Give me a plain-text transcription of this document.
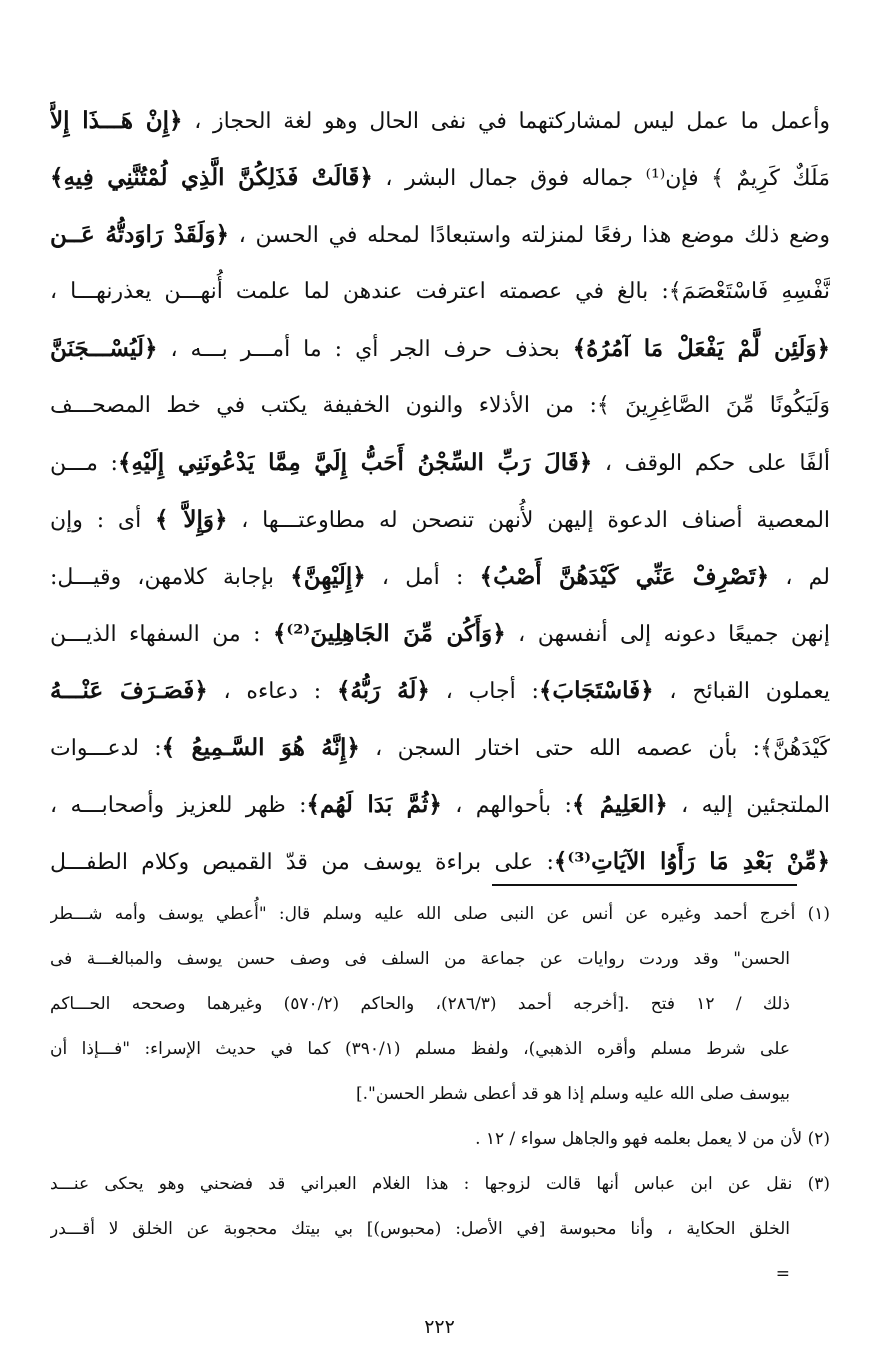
وأعمل ما عمل ليس لمشاركتهما في نفى الحال وهو لغة الحجاز ، ﴿إِنْ هَـــذَا إِلاَّ
مَلَكٌ كَرِيمٌ ﴾ فإن⁽¹⁾ جماله فوق جمال البشر ، ﴿قَالَتْ فَذَلِكُنَّ الَّذِي لُمْتُنَّنِي فِيهِ﴾
وضع ذلك موضع هذا رفعًا لمنزلته واستبعادًا لمحله في الحسن ، ﴿وَلَقَدْ رَاوَدتُّهُ عَــن
نَّفْسِهِ فَاسْتَعْصَمَ﴾: بالغ في عصمته اعترفت عندهن لما علمت أُنهـــن يعذرنهـــا ،
﴿وَلَئِن لَّمْ يَفْعَلْ مَا آمُرُهُ﴾ بحذف حرف الجر أي : ما أمـــر بـــه ، ﴿لَيُسْـــجَنَنَّ
وَلَيَكُونًا مِّنَ الصَّاغِرِينَ ﴾: من الأذلاء والنون الخفيفة يكتب في خط المصحـــف
ألفًا على حكم الوقف ، ﴿قَالَ رَبِّ السِّجْنُ أَحَبُّ إِلَيَّ مِمَّا يَدْعُونَنِي إِلَيْهِ﴾: مـــن
المعصية أصناف الدعوة إليهن لأُنهن تنصحن له مطاوعتـــها ، ﴿وَإِلاَّ ﴾ أى : وإن
لم ، ﴿تَصْرِفْ عَنِّي كَيْدَهُنَّ أَصْبُ﴾ : أمل ، ﴿إِلَيْهِنَّ﴾ بإجابة كلامهن، وقيـــل:
إنهن جميعًا دعونه إلى أنفسهن ، ﴿وَأَكُن مِّنَ الجَاهِلِينَ⁽²⁾﴾ : من السفهاء الذيـــن
يعملون القبائح ، ﴿فَاسْتَجَابَ﴾: أجاب ، ﴿لَهُ رَبُّهُ﴾ : دعاءه ، ﴿فَصَـرَفَ عَنْـــهُ
كَيْدَهُنَّ﴾: بأن عصمه الله حتى اختار السجن ، ﴿إِنَّهُ هُوَ السَّـمِيعُ ﴾: لدعـــوات
الملتجئين إليه ، ﴿العَلِيمُ ﴾: بأحوالهم ، ﴿ثُمَّ بَدَا لَهُم﴾: ظهر للعزيز وأصحابـــه ،
﴿مِّنْ بَعْدِ مَا رَأَوُا الآيَاتِ⁽³⁾﴾: على براءة يوسف من قدّ القميص وكلام الطفـــل
(١) أخرج أحمد وغيره عن أنس عن النبى صلى الله عليه وسلم قال: "أُعطي يوسف وأمه شـــطر
الحسن" وقد وردت روايات عن جماعة من السلف فى وصف حسن يوسف والمبالغـــة فى
ذلك / ١٢ فتح .[أخرجه أحمد (٢٨٦/٣)، والحاكم (٥٧٠/٢) وغيرهما وصححه الحـــاكم
على شرط مسلم وأقره الذهبي)، ولفظ مسلم (٣٩٠/١) كما في حديث الإسراء: "فـــإذا أن
بيوسف صلى الله عليه وسلم إذا هو قد أعطى شطر الحسن".]
(٢) لأن من لا يعمل بعلمه فهو والجاهل سواء / ١٢ .
(٣) نقل عن ابن عباس أنها قالت لزوجها : هذا الغلام العبراني قد فضحني وهو يحكى عنـــد
الخلق الحكاية ، وأنا محبوسة [في الأصل: (محبوس)] بي بيتك محجوبة عن الخلق لا أقـــدر
=
٢٢٢
